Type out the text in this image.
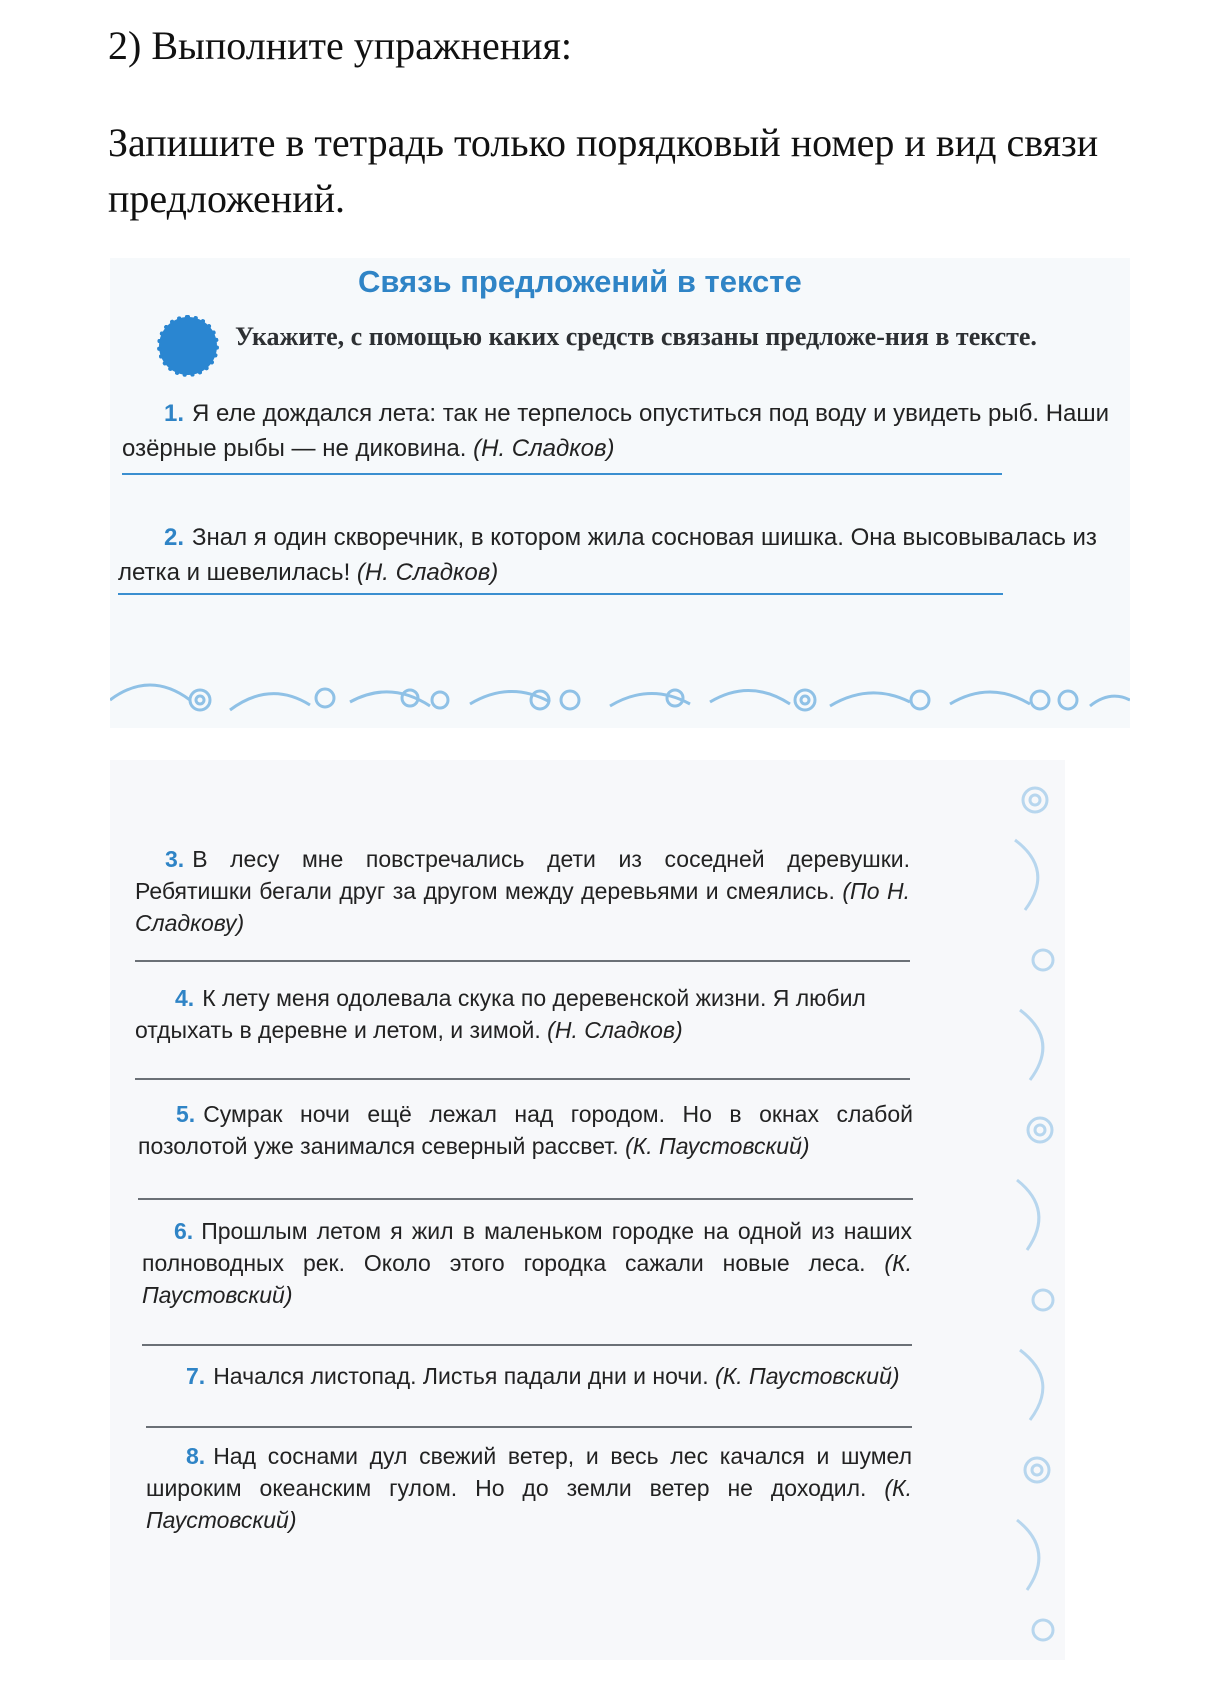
2) Выполните упражнения:
Запишите в тетрадь только порядковый номер и вид связи предложений.
Связь предложений в тексте
Укажите, с помощью каких средств связаны предложе-ния в тексте.
1. Я еле дождался лета: так не терпелось опуститься под воду и увидеть рыб. Наши озёрные рыбы — не диковина. (Н. Сладков)
2. Знал я один скворечник, в котором жила сосновая шишка. Она высовывалась из летка и шевелилась! (Н. Сладков)
3. В лесу мне повстречались дети из соседней деревушки. Ребятишки бегали друг за другом между деревьями и смеялись. (По Н. Сладкову)
4. К лету меня одолевала скука по деревенской жизни. Я любил отдыхать в деревне и летом, и зимой. (Н. Сладков)
5. Сумрак ночи ещё лежал над городом. Но в окнах слабой позолотой уже занимался северный рассвет. (К. Паустовский)
6. Прошлым летом я жил в маленьком городке на одной из наших полноводных рек. Около этого городка сажали новые леса. (К. Паустовский)
7. Начался листопад. Листья падали дни и ночи. (К. Паустовский)
8. Над соснами дул свежий ветер, и весь лес качался и шумел широким океанским гулом. Но до земли ветер не доходил. (К. Паустовский)
